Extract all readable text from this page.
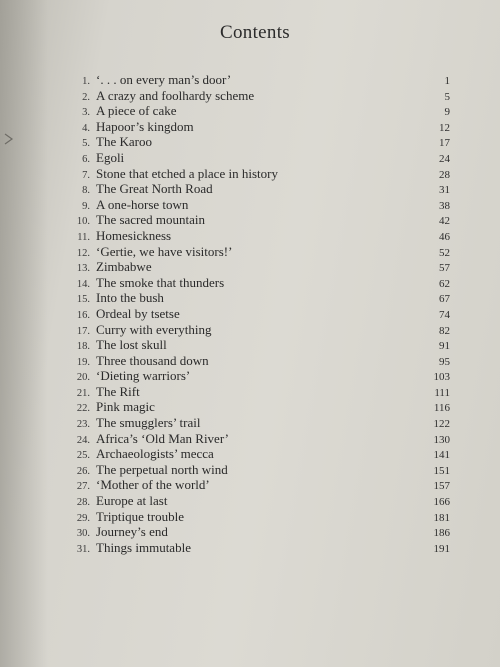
Contents
1. ‘. . . on every man’s door’	1
2. A crazy and foolhardy scheme	5
3. A piece of cake	9
4. Hapoor’s kingdom	12
5. The Karoo	17
6. Egoli	24
7. Stone that etched a place in history	28
8. The Great North Road	31
9. A one-horse town	38
10. The sacred mountain	42
11. Homesickness	46
12. ‘Gertie, we have visitors!’	52
13. Zimbabwe	57
14. The smoke that thunders	62
15. Into the bush	67
16. Ordeal by tsetse	74
17. Curry with everything	82
18. The lost skull	91
19. Three thousand down	95
20. ‘Dieting warriors’	103
21. The Rift	111
22. Pink magic	116
23. The smugglers’ trail	122
24. Africa’s ‘Old Man River’	130
25. Archaeologists’ mecca	141
26. The perpetual north wind	151
27. ‘Mother of the world’	157
28. Europe at last	166
29. Triptique trouble	181
30. Journey’s end	186
31. Things immutable	191
